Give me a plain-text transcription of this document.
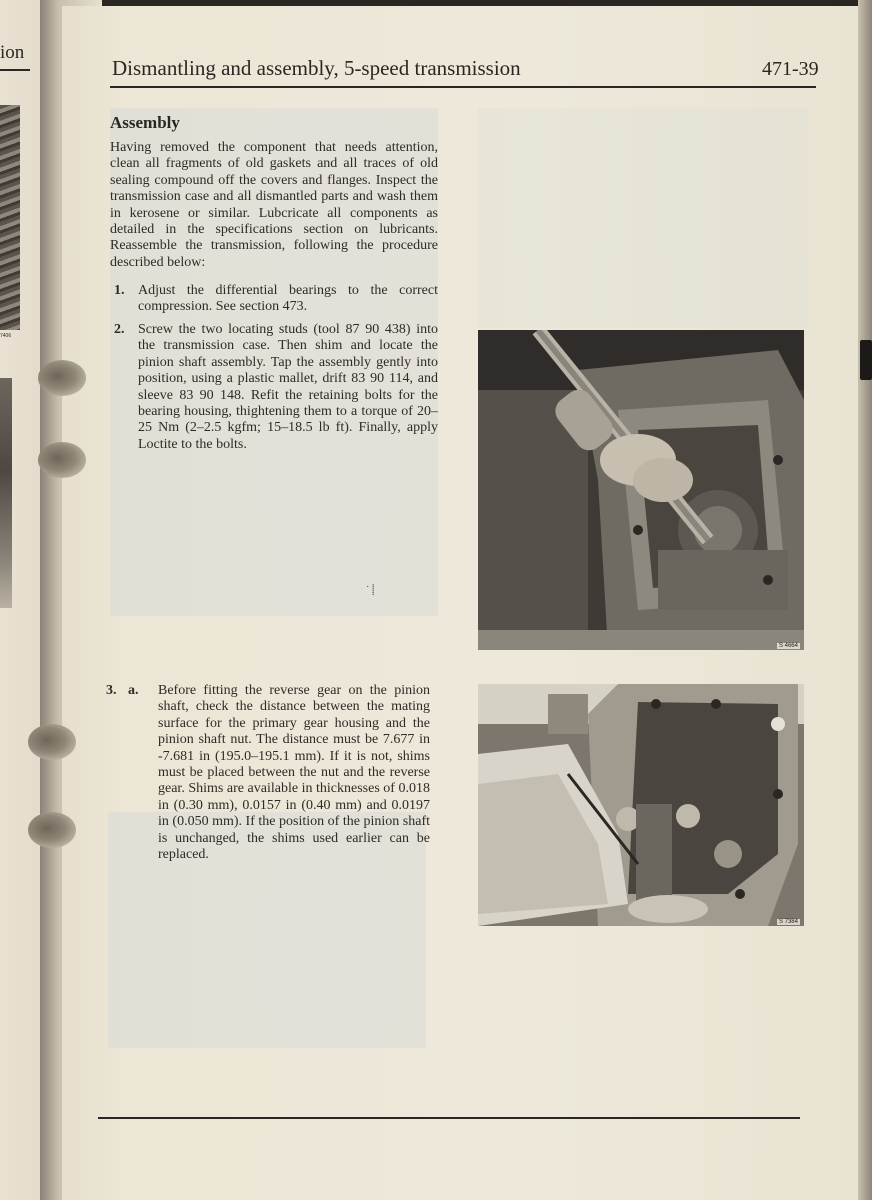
ion
7406
Dismantling and assembly, 5-speed transmission	471-39
Assembly
Having removed the component that needs attention, clean all fragments of old gaskets and all traces of old sealing compound off the covers and flanges. Inspect the transmission case and all dismantled parts and wash them in kerosene or similar. Lubcricate all components as detailed in the specifications section on lubricants. Reassemble the transmission, following the procedure described below:
1. Adjust the differential bearings to the correct compression. See section 473.
2. Screw the two locating studs (tool 87 90 438) into the transmission case. Then shim and locate the pinion shaft assembly. Tap the assembly gently into position, using a plastic mallet, drift 83 90 114, and sleeve 83 90 148. Refit the retaining bolts for the bearing housing, thightening them to a torque of 20–25 Nm (2–2.5 kgfm; 15–18.5 lb ft). Finally, apply Loctite to the bolts.
3. a. Before fitting the reverse gear on the pinion shaft, check the distance between the mating surface for the primary gear housing and the pinion shaft nut. The distance must be 7.677 in -7.681 in (195.0–195.1 mm). If it is not, shims must be placed between the nut and the reverse gear. Shims are available in thicknesses of 0.018 in (0.30 mm), 0.0157 in (0.40 mm) and 0.0197 in (0.050 mm). If the position of the pinion shaft is unchanged, the shims used earlier can be replaced.
˙ ⸽
S 4664
S 7384
